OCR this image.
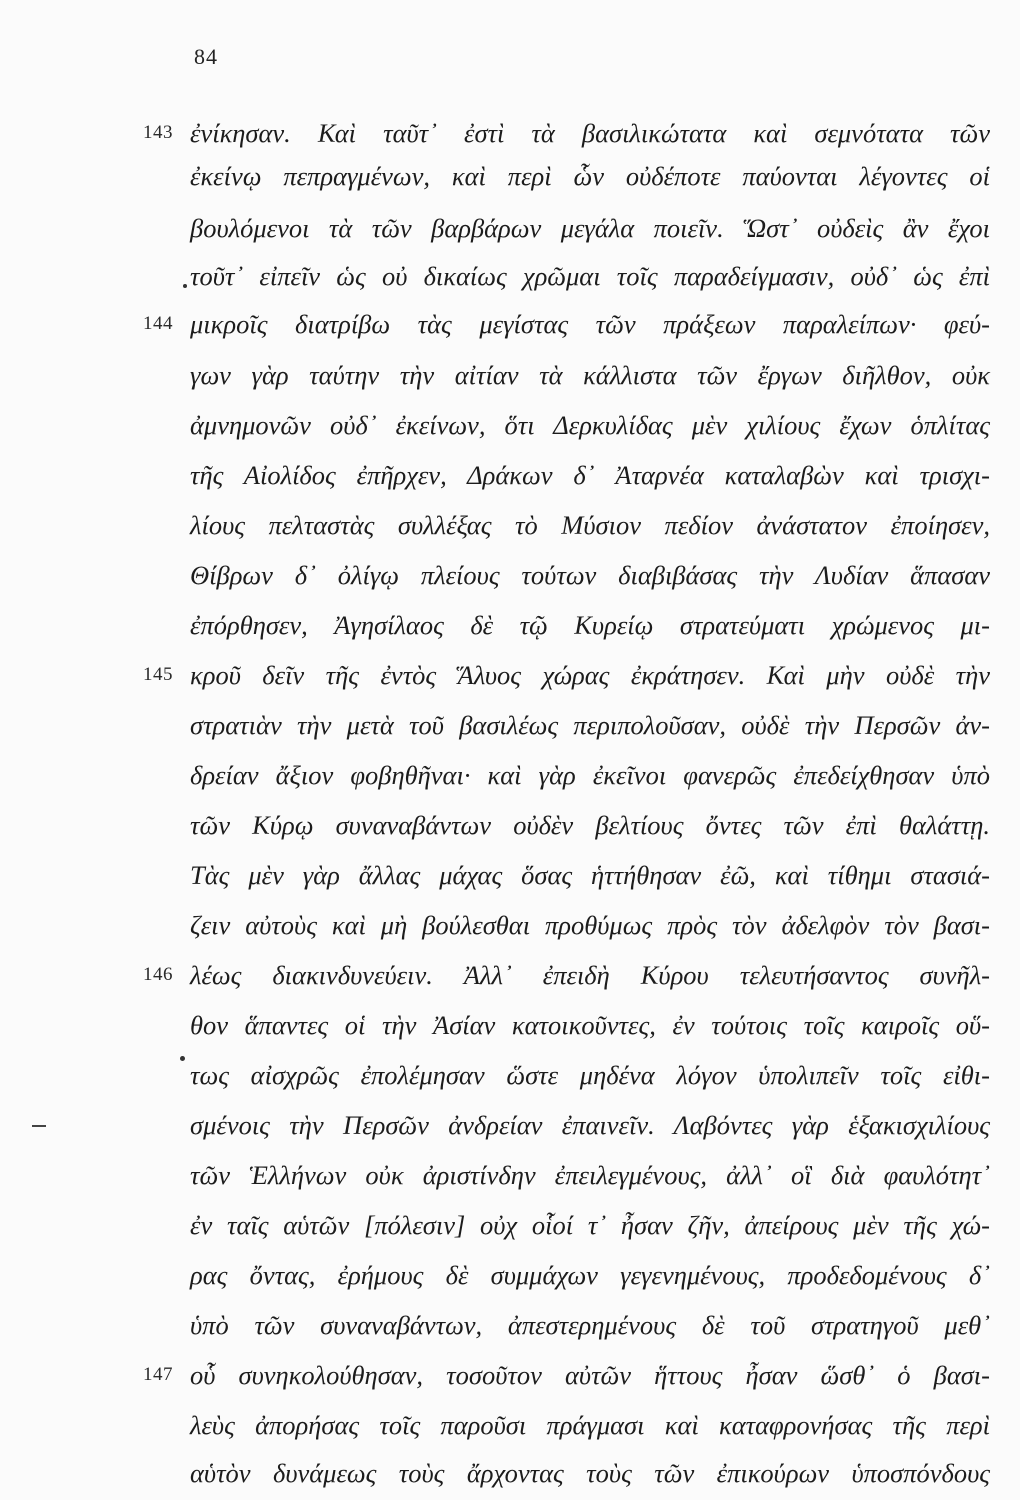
84
143
144
145
146
147
ἐνίκησαν. Καὶ ταῦτ᾽ ἐστὶ τὰ βασιλικώτατα καὶ σεμνότατα τῶν
ἐκείνῳ πεπραγμένων, καὶ περὶ ὧν οὐδέποτε παύονται λέγοντες οἱ
βουλόμενοι τὰ τῶν βαρβάρων μεγάλα ποιεῖν. Ὥστ᾽ οὐδεὶς ἂν ἔχοι
τοῦτ᾽ εἰπεῖν ὡς οὐ δικαίως χρῶμαι τοῖς παραδείγμασιν, οὐδ᾽ ὡς ἐπὶ
μικροῖς διατρίβω τὰς μεγίστας τῶν πράξεων παραλείπων· φεύ-
γων γὰρ ταύτην τὴν αἰτίαν τὰ κάλλιστα τῶν ἔργων διῆλθον, οὐκ
ἀμνημονῶν οὐδ᾽ ἐκείνων, ὅτι Δερκυλίδας μὲν χιλίους ἔχων ὁπλίτας
τῆς Αἰολίδος ἐπῆρχεν, Δράκων δ᾽ Ἀταρνέα καταλαβὼν καὶ τρισχι-
λίους πελταστὰς συλλέξας τὸ Μύσιον πεδίον ἀνάστατον ἐποίησεν,
Θίβρων δ᾽ ὀλίγῳ πλείους τούτων διαβιβάσας τὴν Λυδίαν ἅπασαν
ἐπόρθησεν, Ἀγησίλαος δὲ τῷ Κυρείῳ στρατεύματι χρώμενος μι-
κροῦ δεῖν τῆς ἐντὸς Ἅλυος χώρας ἐκράτησεν. Καὶ μὴν οὐδὲ τὴν
στρατιὰν τὴν μετὰ τοῦ βασιλέως περιπολοῦσαν, οὐδὲ τὴν Περσῶν ἀν-
δρείαν ἄξιον φοβηθῆναι· καὶ γὰρ ἐκεῖνοι φανερῶς ἐπεδείχθησαν ὑπὸ
τῶν Κύρῳ συναναβάντων οὐδὲν βελτίους ὄντες τῶν ἐπὶ θαλάττῃ.
Τὰς μὲν γὰρ ἄλλας μάχας ὅσας ἡττήθησαν ἐῶ, καὶ τίθημι στασιά-
ζειν αὐτοὺς καὶ μὴ βούλεσθαι προθύμως πρὸς τὸν ἀδελφὸν τὸν βασι-
λέως διακινδυνεύειν. Ἀλλ᾽ ἐπειδὴ Κύρου τελευτήσαντος συνῆλ-
θον ἅπαντες οἱ τὴν Ἀσίαν κατοικοῦντες, ἐν τούτοις τοῖς καιροῖς οὕ-
τως αἰσχρῶς ἐπολέμησαν ὥστε μηδένα λόγον ὑπολιπεῖν τοῖς εἰθι-
σμένοις τὴν Περσῶν ἀνδρείαν ἐπαινεῖν. Λαβόντες γὰρ ἑξακισχιλίους
τῶν Ἑλλήνων οὐκ ἀριστίνδην ἐπειλεγμένους, ἀλλ᾽ οἳ διὰ φαυλότητ᾽
ἐν ταῖς αὑτῶν [πόλεσιν] οὐχ οἷοί τ᾽ ἦσαν ζῆν, ἀπείρους μὲν τῆς χώ-
ρας ὄντας, ἐρήμους δὲ συμμάχων γεγενημένους, προδεδομένους δ᾽
ὑπὸ τῶν συναναβάντων, ἀπεστερημένους δὲ τοῦ στρατηγοῦ μεθ᾽
οὗ συνηκολούθησαν, τοσοῦτον αὐτῶν ἥττους ἦσαν ὥσθ᾽ ὁ βασι-
λεὺς ἀπορήσας τοῖς παροῦσι πράγμασι καὶ καταφρονήσας τῆς περὶ
αὑτὸν δυνάμεως τοὺς ἄρχοντας τοὺς τῶν ἐπικούρων ὑποσπόνδους
